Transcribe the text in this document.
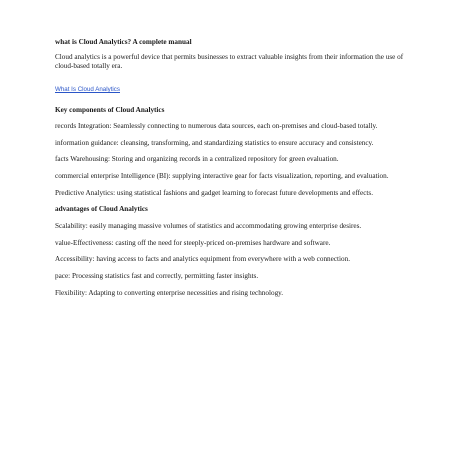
what is Cloud Analytics? A complete manual

Cloud analytics is a powerful device that permits businesses to extract valuable insights from their information the use of cloud-based totally era.

What Is Cloud Analytics

Key components of Cloud Analytics

records Integration: Seamlessly connecting to numerous data sources, each on-premises and cloud-based totally.

information guidance: cleansing, transforming, and standardizing statistics to ensure accuracy and consistency.

facts Warehousing: Storing and organizing records in a centralized repository for green evaluation.

commercial enterprise Intelligence (BI): supplying interactive gear for facts visualization, reporting, and evaluation.

Predictive Analytics: using statistical fashions and gadget learning to forecast future developments and effects.

advantages of Cloud Analytics

Scalability: easily managing massive volumes of statistics and accommodating growing enterprise desires.

value-Effectiveness: casting off the need for steeply-priced on-premises hardware and software.

Accessibility: having access to facts and analytics equipment from everywhere with a web connection.

pace: Processing statistics fast and correctly, permitting faster insights.

Flexibility: Adapting to converting enterprise necessities and rising technology.
